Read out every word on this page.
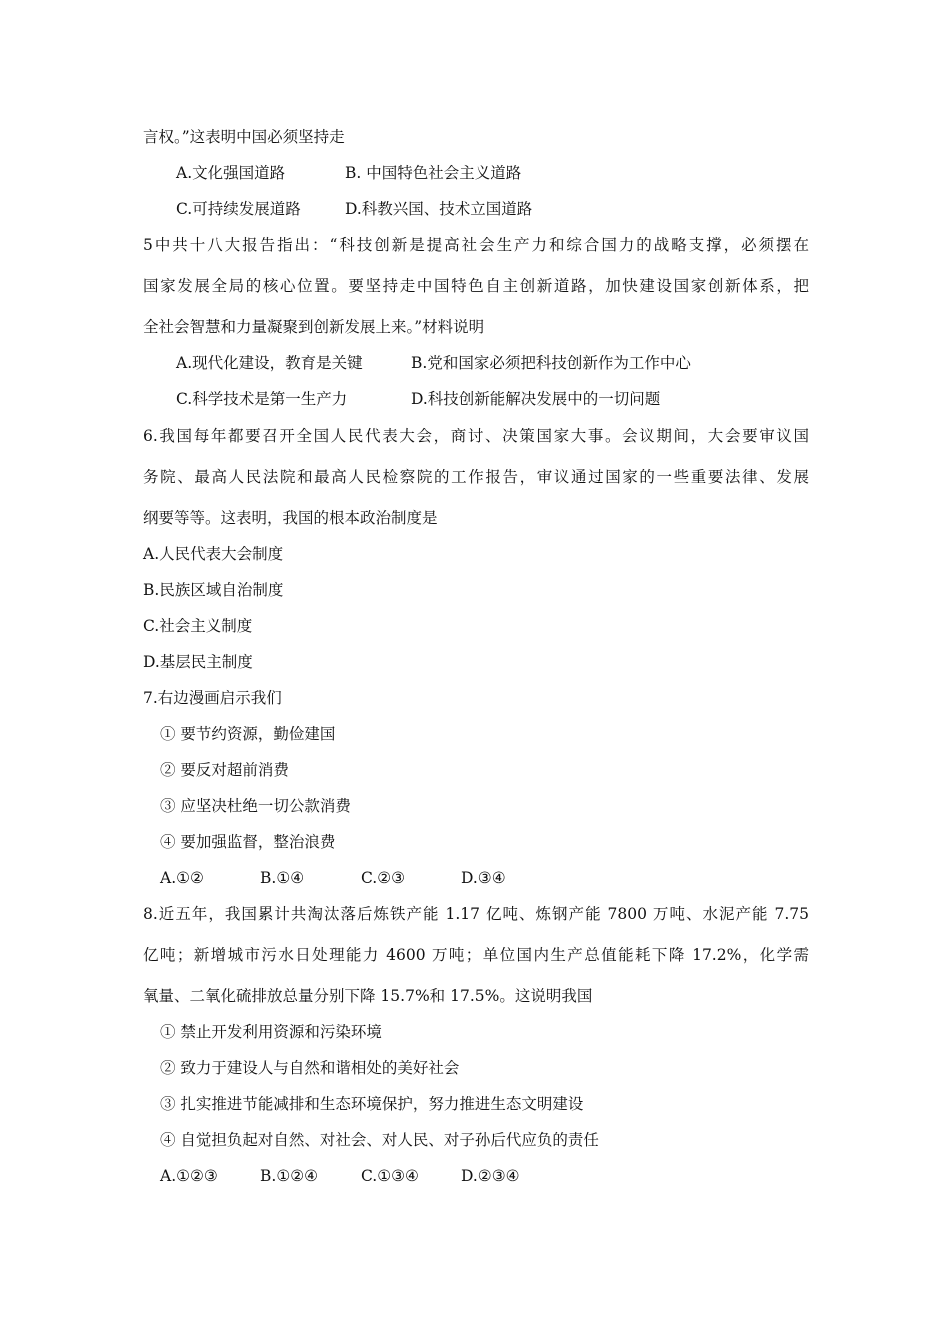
言权。”这表明中国必须坚持走
A.文化强国道路	B. 中国特色社会主义道路
C.可持续发展道路	D.科教兴国、技术立国道路
5中共十八大报告指出：“科技创新是提高社会生产力和综合国力的战略支撑，必须摆在
国家发展全局的核心位置。要坚持走中国特色自主创新道路，加快建设国家创新体系，把
全社会智慧和力量凝聚到创新发展上来。”材料说明
A.现代化建设，教育是关键	B.党和国家必须把科技创新作为工作中心
C.科学技术是第一生产力	D.科技创新能解决发展中的一切问题
6.我国每年都要召开全国人民代表大会，商讨、决策国家大事。会议期间，大会要审议国
务院、最高人民法院和最高人民检察院的工作报告，审议通过国家的一些重要法律、发展
纲要等等。这表明，我国的根本政治制度是
A.人民代表大会制度
B.民族区域自治制度
C.社会主义制度
D.基层民主制度
7.右边漫画启示我们
① 要节约资源，勤俭建国
② 要反对超前消费
③ 应坚决杜绝一切公款消费
④ 要加强监督，整治浪费
A.①②	B.①④	C.②③	D.③④
8.近五年，我国累计共淘汰落后炼铁产能 1.17 亿吨、炼钢产能 7800 万吨、水泥产能 7.75
亿吨；新增城市污水日处理能力 4600 万吨；单位国内生产总值能耗下降 17.2%，化学需
氧量、二氧化硫排放总量分别下降 15.7%和 17.5%。这说明我国
① 禁止开发利用资源和污染环境
② 致力于建设人与自然和谐相处的美好社会
③ 扎实推进节能减排和生态环境保护，努力推进生态文明建设
④ 自觉担负起对自然、对社会、对人民、对子孙后代应负的责任
A.①②③	B.①②④	C.①③④	D.②③④
